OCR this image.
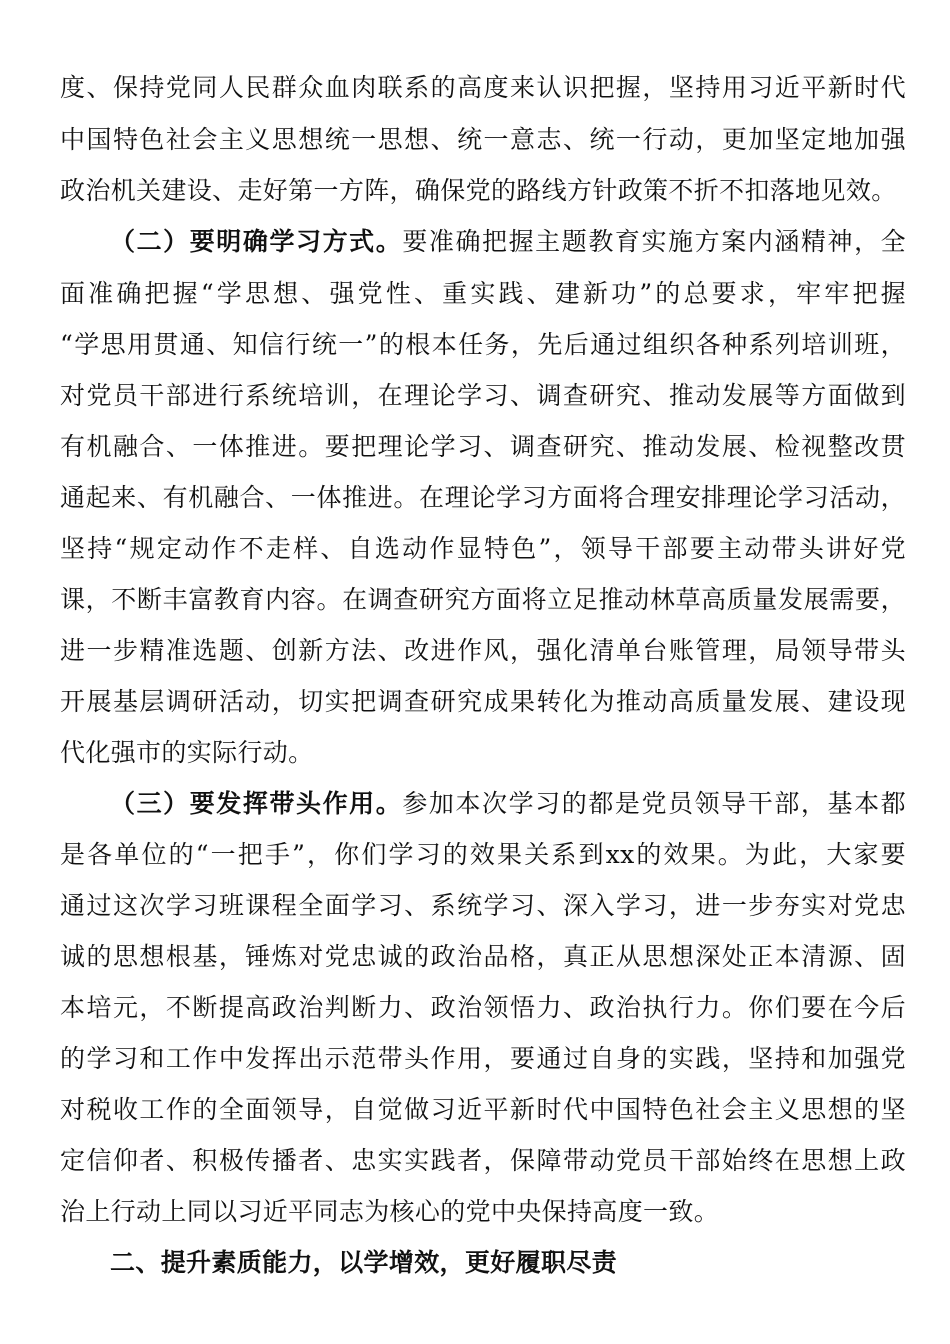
度、保持党同人民群众血肉联系的高度来认识把握，坚持用习近平新时代
中国特色社会主义思想统一思想、统一意志、统一行动，更加坚定地加强
政治机关建设、走好第一方阵，确保党的路线方针政策不折不扣落地见效。
（二）要明确学习方式。要准确把握主题教育实施方案内涵精神，全
面准确把握“学思想、强党性、重实践、建新功”的总要求，牢牢把握
“学思用贯通、知信行统一”的根本任务，先后通过组织各种系列培训班，
对党员干部进行系统培训，在理论学习、调查研究、推动发展等方面做到
有机融合、一体推进。要把理论学习、调查研究、推动发展、检视整改贯
通起来、有机融合、一体推进。在理论学习方面将合理安排理论学习活动，
坚持“规定动作不走样、自选动作显特色”，领导干部要主动带头讲好党
课，不断丰富教育内容。在调查研究方面将立足推动林草高质量发展需要，
进一步精准选题、创新方法、改进作风，强化清单台账管理，局领导带头
开展基层调研活动，切实把调查研究成果转化为推动高质量发展、建设现
代化强市的实际行动。
（三）要发挥带头作用。参加本次学习的都是党员领导干部，基本都
是各单位的“一把手”，你们学习的效果关系到xx的效果。为此，大家要
通过这次学习班课程全面学习、系统学习、深入学习，进一步夯实对党忠
诚的思想根基，锤炼对党忠诚的政治品格，真正从思想深处正本清源、固
本培元，不断提高政治判断力、政治领悟力、政治执行力。你们要在今后
的学习和工作中发挥出示范带头作用，要通过自身的实践，坚持和加强党
对税收工作的全面领导，自觉做习近平新时代中国特色社会主义思想的坚
定信仰者、积极传播者、忠实实践者，保障带动党员干部始终在思想上政
治上行动上同以习近平同志为核心的党中央保持高度一致。
二、提升素质能力，以学增效，更好履职尽责
